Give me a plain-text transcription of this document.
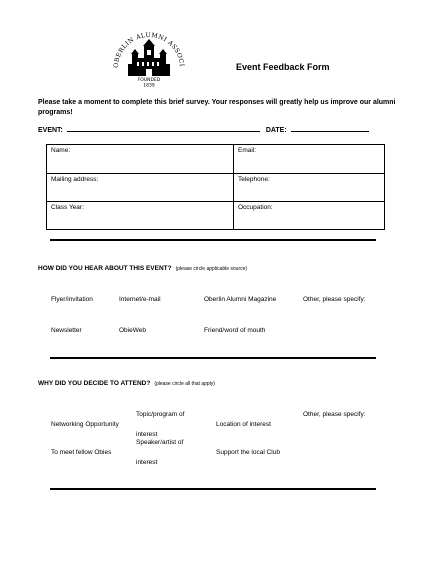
OBERLIN ALUMNI ASSOCI
FOUNDED
1839
Event Feedback Form
Please take a moment to complete this brief survey. Your responses will greatly help us improve our alumni programs!
EVENT:	DATE:
Name:	Email:
Mailing address:	Telephone:
Class Year:	Occupation:
HOW DID YOU HEAR ABOUT THIS EVENT? (please circle applicable source)
Flyer/invitation	Internet/e-mail	Oberlin Alumni Magazine	Other, please specify:
Newsletter	ObieWeb	Friend/word of mouth
WHY DID YOU DECIDE TO ATTEND? (please circle all that apply)
Topic/program of	Other, please specify:
Networking Opportunity	Location of interest
interest
Speaker/artist of
To meet fellow Obies	Support the local Club
interest
